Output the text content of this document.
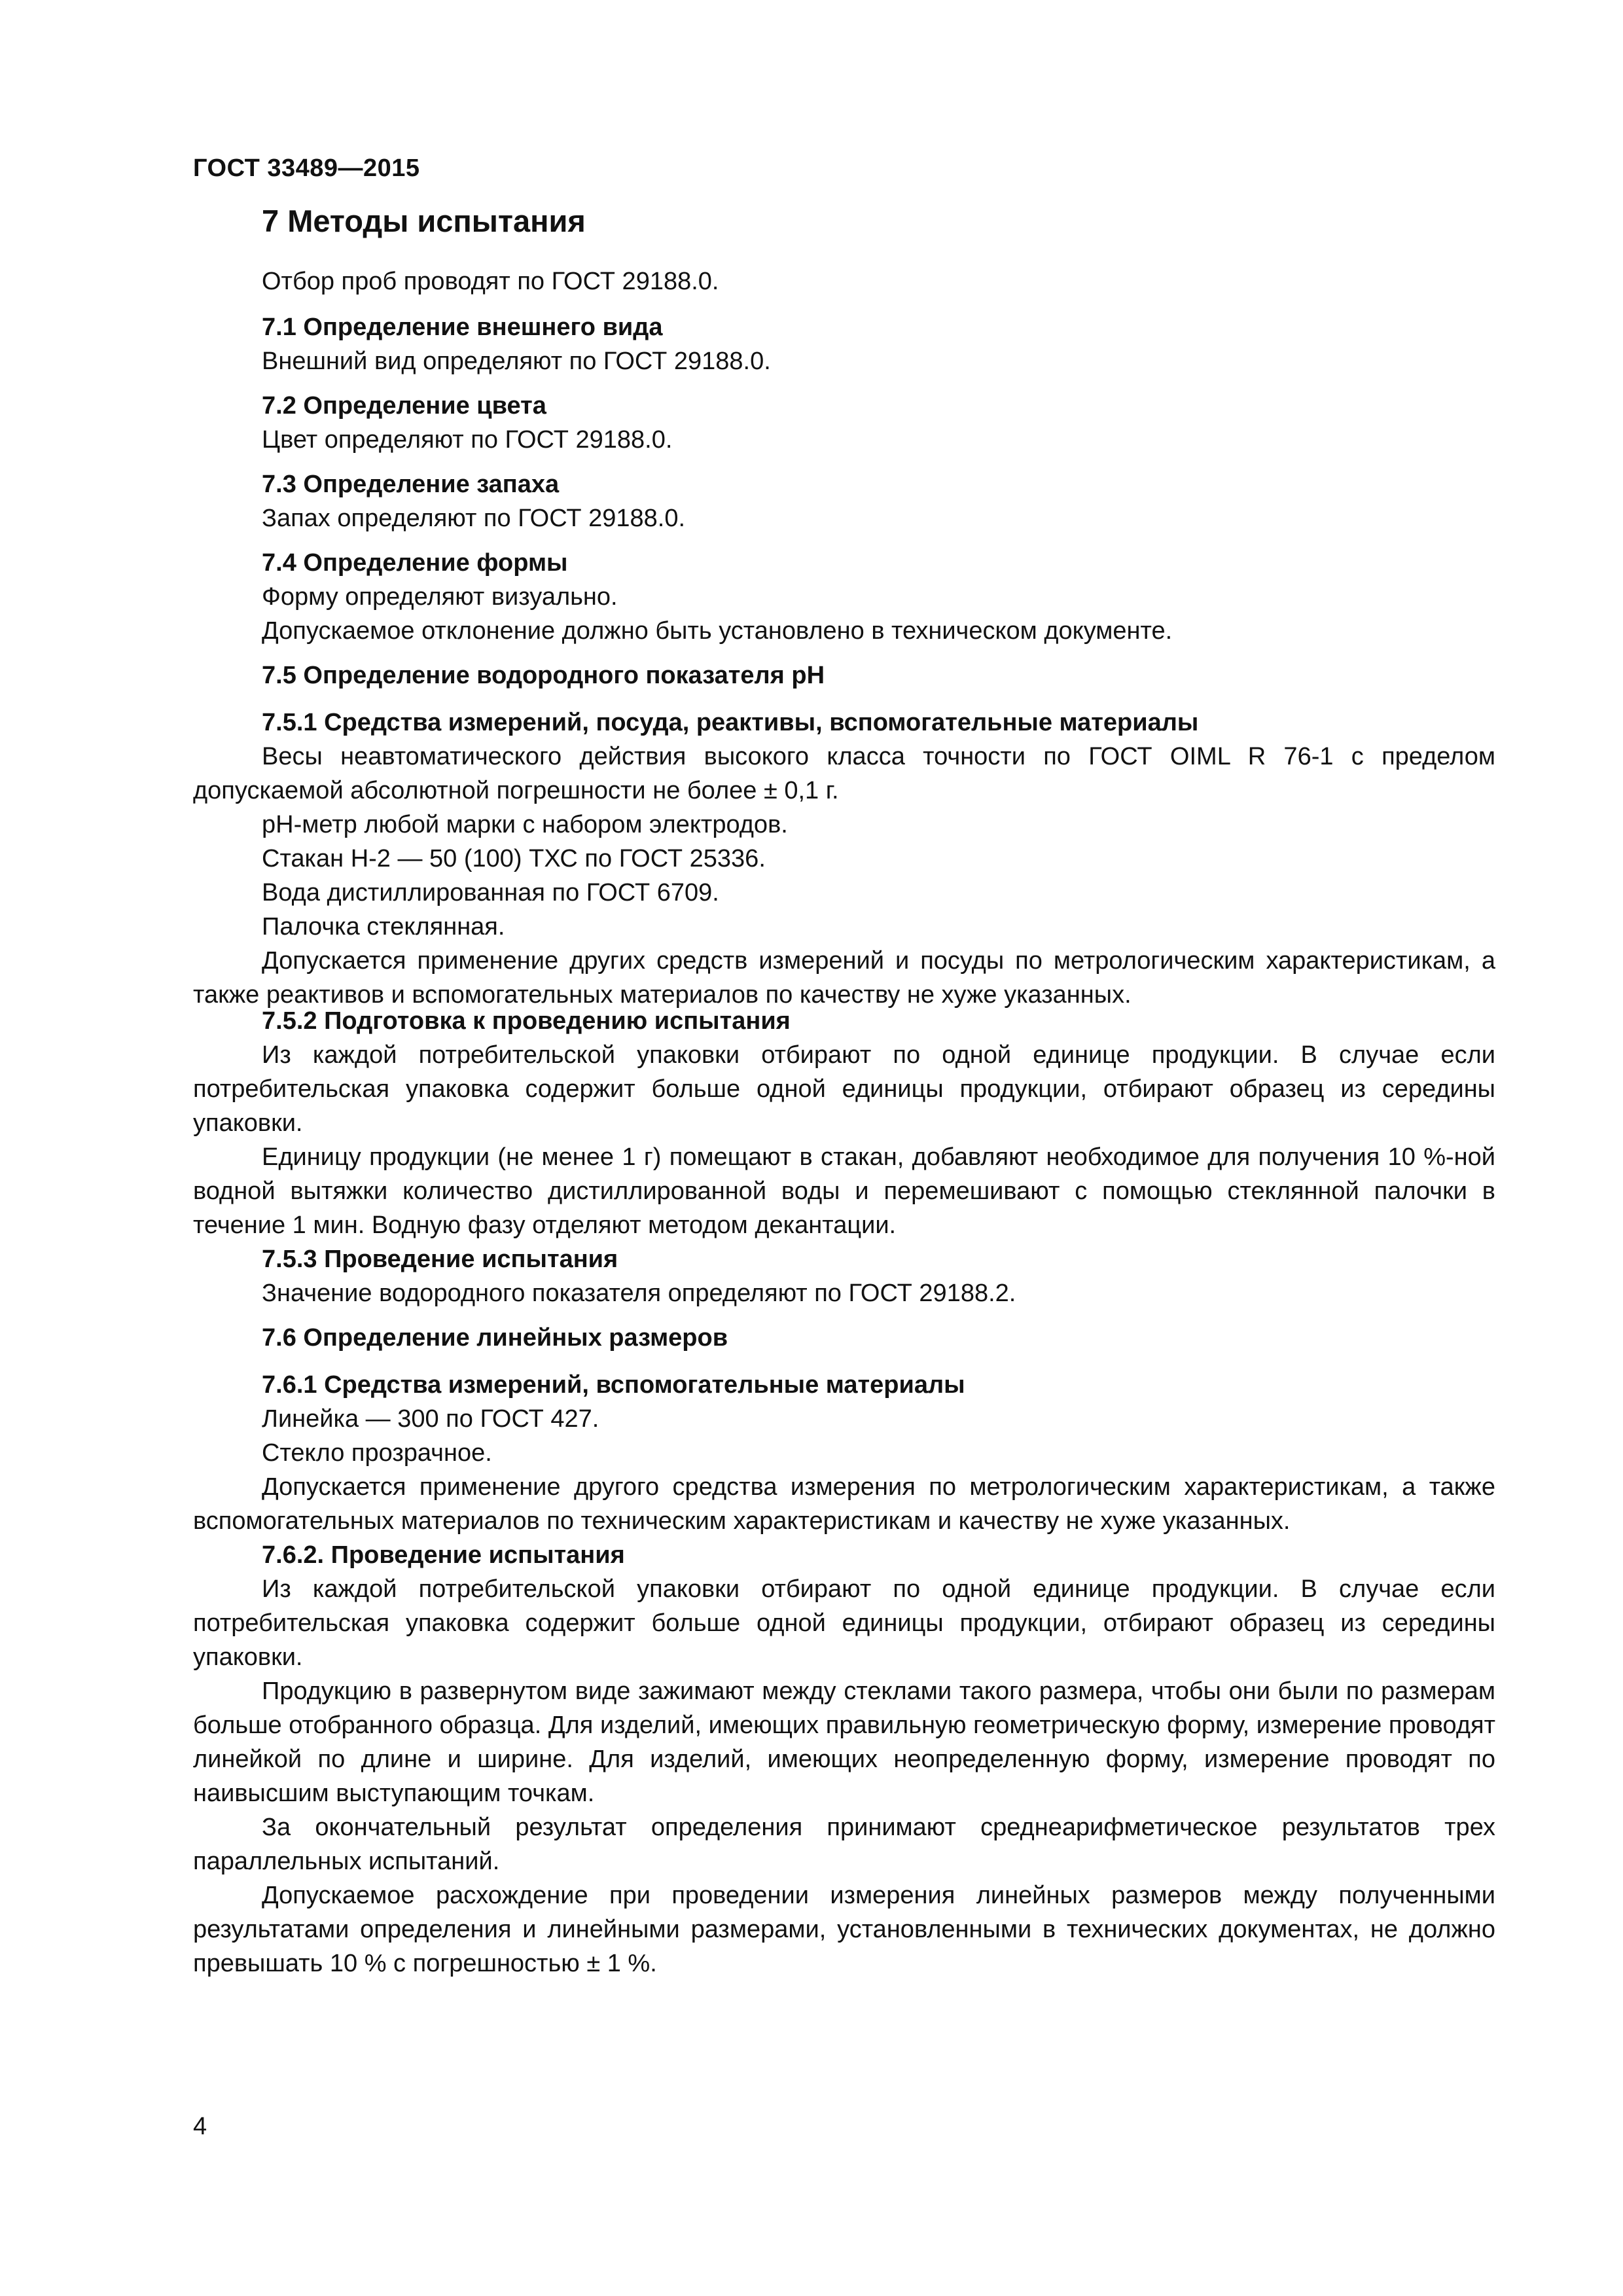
ГОСТ 33489—2015
7 Методы испытания

Отбор проб проводят по ГОСТ 29188.0.

7.1 Определение внешнего вида

Внешний вид определяют по ГОСТ 29188.0.

7.2 Определение цвета

Цвет определяют по ГОСТ 29188.0.

7.3 Определение запаха

Запах определяют по ГОСТ 29188.0.

7.4 Определение формы

Форму определяют визуально.

Допускаемое отклонение должно быть установлено в техническом документе.

7.5 Определение водородного показателя pH

7.5.1 Средства измерений, посуда, реактивы, вспомогательные материалы

Весы неавтоматического действия высокого класса точности по ГОСТ OIML R 76-1 с пределом допускаемой абсолютной погрешности не более ± 0,1 г.

pH-метр любой марки с набором электродов.

Стакан Н-2 — 50 (100) ТХС по ГОСТ 25336.

Вода дистиллированная по ГОСТ 6709.

Палочка стеклянная.

Допускается применение других средств измерений и посуды по метрологическим характеристикам, а также реактивов и вспомогательных материалов по качеству не хуже указанных.

7.5.2 Подготовка к проведению испытания

Из каждой потребительской упаковки отбирают по одной единице продукции. В случае если потребительская упаковка содержит больше одной единицы продукции, отбирают образец из середины упаковки.

Единицу продукции (не менее 1 г) помещают в стакан, добавляют необходимое для получения 10 %-ной водной вытяжки количество дистиллированной воды и перемешивают с помощью стеклянной палочки в течение 1 мин. Водную фазу отделяют методом декантации.

7.5.3 Проведение испытания

Значение водородного показателя определяют по ГОСТ 29188.2.

7.6 Определение линейных размеров

7.6.1 Средства измерений, вспомогательные материалы

Линейка — 300 по ГОСТ 427.

Стекло прозрачное.

Допускается применение другого средства измерения по метрологическим характеристикам, а также вспомогательных материалов по техническим характеристикам и качеству не хуже указанных.

7.6.2. Проведение испытания

Из каждой потребительской упаковки отбирают по одной единице продукции. В случае если потребительская упаковка содержит больше одной единицы продукции, отбирают образец из середины упаковки.

Продукцию в развернутом виде зажимают между стеклами такого размера, чтобы они были по размерам больше отобранного образца. Для изделий, имеющих правильную геометрическую форму, измерение проводят линейкой по длине и ширине. Для изделий, имеющих неопределенную форму, измерение проводят по наивысшим выступающим точкам.

За окончательный результат определения принимают среднеарифметическое результатов трех параллельных испытаний.

Допускаемое расхождение при проведении измерения линейных размеров между полученными результатами определения и линейными размерами, установленными в технических документах, не должно превышать 10 % с погрешностью ± 1 %.

4
